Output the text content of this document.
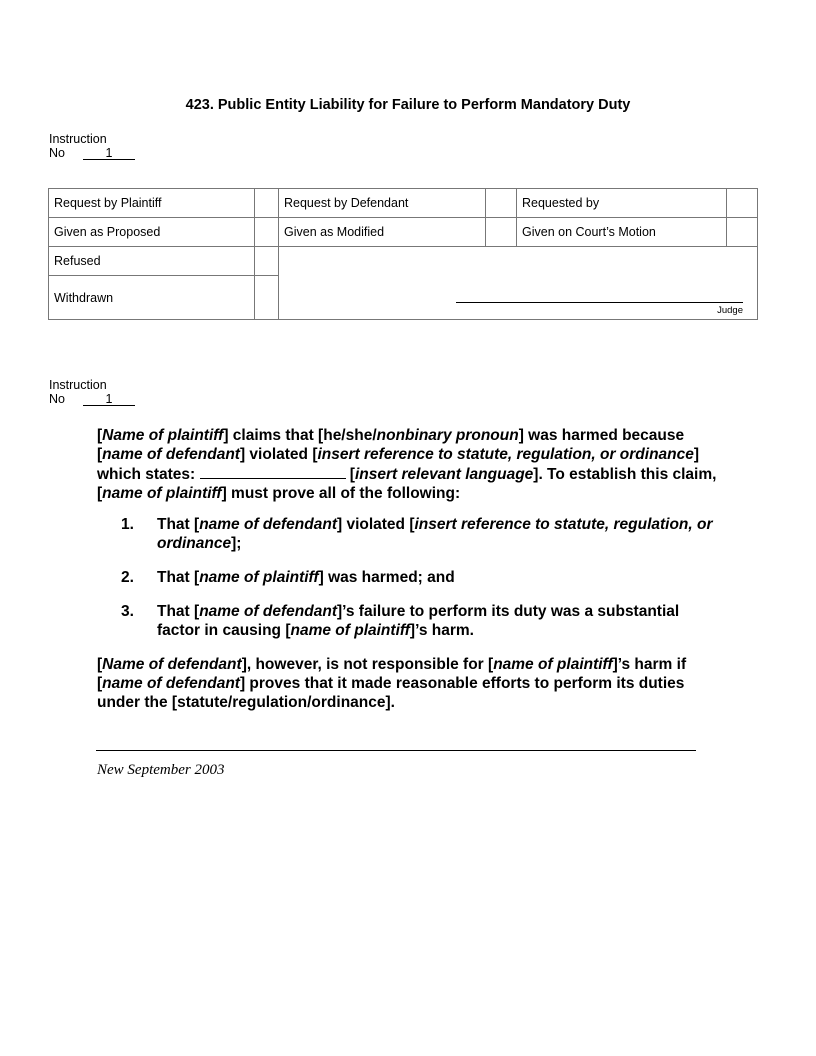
423. Public Entity Liability for Failure to Perform Mandatory Duty
Instruction
No	1
Request by Plaintiff		Request by Defendant		Requested by	
Given as Proposed		Given as Modified		Given on Court’s Motion	
Refused		Judge			

Withdrawn					
Instruction
No	1
[Name of plaintiff] claims that [he/she/nonbinary pronoun] was harmed because [name of defendant] violated [insert reference to statute, regulation, or ordinance] which states:	[insert relevant language]. To establish this claim, [name of plaintiff] must prove all of the following:
1. That [name of defendant] violated [insert reference to statute, regulation, or ordinance];
2. That [name of plaintiff] was harmed; and
3. That [name of defendant]’s failure to perform its duty was a substantial factor in causing [name of plaintiff]’s harm.
[Name of defendant], however, is not responsible for [name of plaintiff]’s harm if [name of defendant] proves that it made reasonable efforts to perform its duties under the [statute/regulation/ordinance].
New September 2003
